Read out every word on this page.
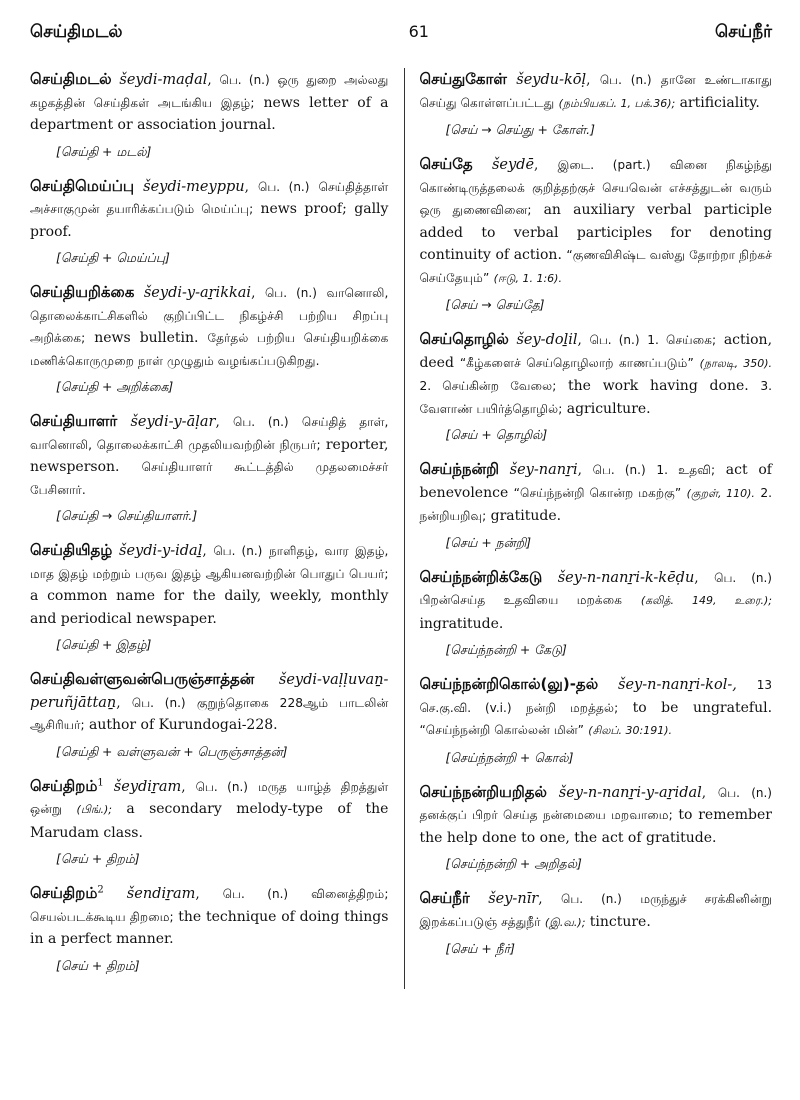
செய்திமடல்	61	செய்நீர்
செய்திமடல் šeydi-maḍal, பெ. (n.) ஒரு துறை அல்லது கழகத்தின் செய்திகள் அடங்கிய இதழ்; news letter of a department or association journal.
[செய்தி + மடல்]
செய்திமெய்ப்பு šeydi-meyppu, பெ. (n.) செய்தித்தாள் அச்சாகுமுன் தயாரிக்கப்படும் மெய்ப்பு; news proof; gally proof.
[செய்தி + மெய்ப்பு]
செய்தியறிக்கை šeydi-y-aṟikkai, பெ. (n.) வானொலி, தொலைக்காட்சிகளில் குறிப்பிட்ட நிகழ்ச்சி பற்றிய சிறப்பு அறிக்கை; news bulletin. தேர்தல் பற்றிய செய்தியறிக்கை மணிக்கொருமுறை நாள் முழுதும் வழங்கப்படுகிறது.
[செய்தி + அறிக்கை]
செய்தியாளர் šeydi-y-āḷar, பெ. (n.) செய்தித் தாள், வானொலி, தொலைக்காட்சி முதலியவற்றின் நிருபர்; reporter, newsperson. செய்தியாளர் கூட்டத்தில் முதலமைச்சர் பேசினார்.
[செய்தி → செய்தியாளர்.]
செய்தியிதழ் šeydi-y-idaḻ, பெ. (n.) நாளிதழ், வார இதழ், மாத இதழ் மற்றும் பருவ இதழ் ஆகியனவற்றின் பொதுப் பெயர்; a common name for the daily, weekly, monthly and periodical newspaper.
[செய்தி + இதழ்]
செய்திவள்ளுவன்பெருஞ்சாத்தன் šeydi-vaḷḷuvaṉ-peruñjāttaṉ, பெ. (n.) குறுந்தொகை 228ஆம் பாடலின் ஆசிரியர்; author of Kurundogai-228.
[செய்தி + வள்ளுவன் + பெருஞ்சாத்தன்]
செய்திறம்$^1$ šeydiṟam, பெ. (n.) மருத யாழ்த் திறத்துள் ஒன்று (பிங்.); a secondary melody-type of the Marudam class.
[செய் + திறம்]
செய்திறம்$^2$ šendiṟam, பெ. (n.) வினைத்திறம்; செயல்படக்கூடிய திறமை; the technique of doing things in a perfect manner.
[செய் + திறம்]
செய்துகோள் šeydu-kōḷ, பெ. (n.) தானே உண்டாகாது செய்து கொள்ளப்பட்டது (நம்பியகப். 1, பக்.36); artificiality.
[செய் → செய்து + கோள்.]
செய்தே šeydē, இடை. (part.) வினை நிகழ்ந்து கொண்டிருத்தலைக் குறித்தற்குச் செயவென் எச்சத்துடன் வரும் ஒரு துணைவினை; an auxiliary verbal participle added to verbal participles for denoting continuity of action. “குணவிசிஷ்ட வஸ்து தோற்றா நிற்கச் செய்தேயும்” (ஈடு, 1. 1:6).
[செய் → செய்தே]
செய்தொழில் šey-doḻil, பெ. (n.) 1. செய்கை; action, deed “கீழ்களைச் செய்தொழிலாற் காணப்படும்” (நாலடி, 350). 2. செய்கின்ற வேலை; the work having done. 3. வேளாண் பயிர்த்தொழில்; agriculture.
[செய் + தொழில்]
செய்ந்நன்றி šey-nanṟi, பெ. (n.) 1. உதவி; act of benevolence “செய்ந்நன்றி கொன்ற மகற்கு” (குறள், 110). 2. நன்றியறிவு; gratitude.
[செய் + நன்றி]
செய்ந்நன்றிக்கேடு šey-n-nanṟi-k-kēḍu, பெ. (n.) பிறன்செய்த உதவியை மறக்கை (கலித். 149, உரை.); ingratitude.
[செய்ந்நன்றி + கேடு]
செய்ந்நன்றிகொல்(லு)-தல் šey-n-nanṟi-kol-, 13 செ.கு.வி. (v.i.) நன்றி மறத்தல்; to be ungrateful. “செய்ந்நன்றி கொல்லன் மின்” (சிலப். 30:191).
[செய்ந்நன்றி + கொல்]
செய்ந்நன்றியறிதல் šey-n-nanṟi-y-aṟidal, பெ. (n.) தனக்குப் பிறர் செய்த நன்மையை மறவாமை; to remember the help done to one, the act of gratitude.
[செய்ந்நன்றி + அறிதல்]
செய்நீர் šey-nīr, பெ. (n.) மருந்துச் சரக்கினின்று இறக்கப்படுஞ் சத்துநீர் (இ.வ.); tincture.
[செய் + நீர்]
